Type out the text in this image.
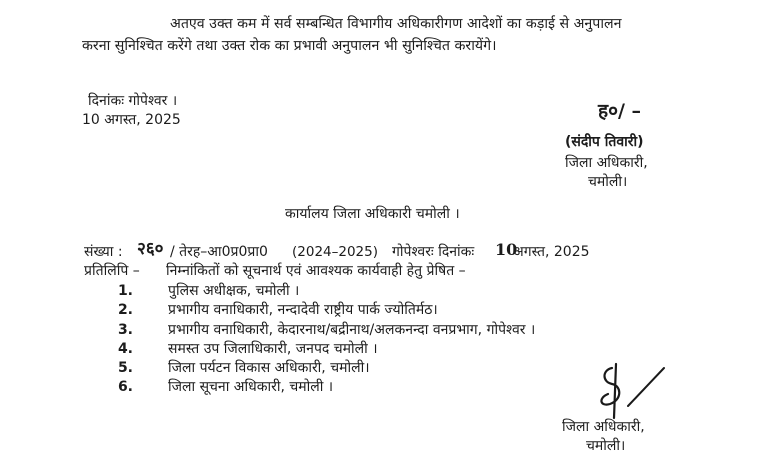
अतएव उक्त कम में सर्व सम्बन्धित विभागीय अधिकारीगण आदेशों का कड़ाई से अनुपालन
करना सुनिश्चित करेंगे तथा उक्त रोक का प्रभावी अनुपालन भी सुनिश्चित करायेंगे।
दिनांकः गोपेश्वर ।
10 अगस्त, 2025	ह०/ –
(संदीप तिवारी)
जिला अधिकारी,
चमोली।
कार्यालय जिला अधिकारी चमोली ।
संख्या : २६० / तेरह–आ0प्र0प्रा0 (2024–2025) गोपेश्वरः दिनांकः 10
अगस्त, 2025
प्रतिलिपि – निम्नांकितों को सूचनार्थ एवं आवश्यक कार्यवाही हेतु प्रेषित –
1.	पुलिस अधीक्षक, चमोली ।
2.	प्रभागीय वनाधिकारी, नन्दादेवी राष्ट्रीय पार्क ज्योतिर्मठ।
3.	प्रभागीय वनाधिकारी, केदारनाथ/बद्रीनाथ/अलकनन्दा वनप्रभाग, गोपेश्वर ।
4.	समस्त उप जिलाधिकारी, जनपद चमोली ।
5.	जिला पर्यटन विकास अधिकारी, चमोली।
6.	जिला सूचना अधिकारी, चमोली ।
जिला अधिकारी,
चमोली।
